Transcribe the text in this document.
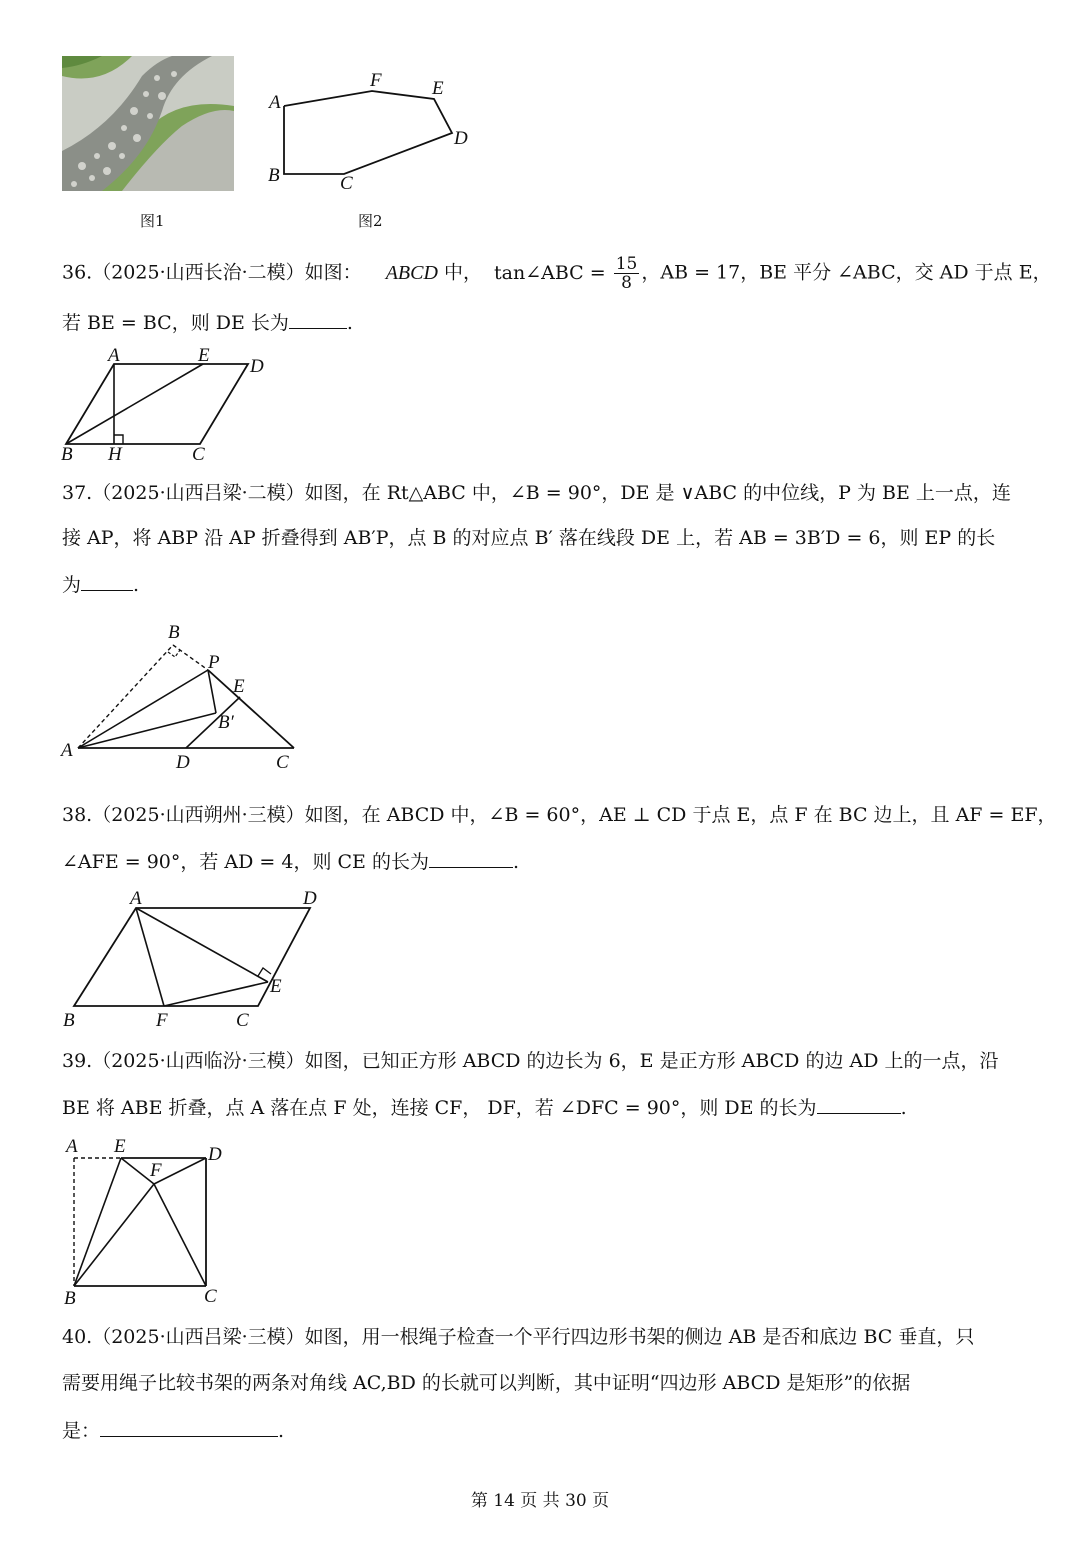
图1
A
F	E
D
C
B
图2
36.（2025·山西长治·二模）如图： ABCD 中， tan∠ABC = $\frac{15}{8}$ ，AB = 17，BE 平分 ∠ABC，交 AD 于点 E，
若 BE = BC，则 DE 长为	.
A	E
D
B H	C
37.（2025·山西吕梁·二模）如图，在 Rt△ABC 中，∠B = 90°，DE 是 ∨ABC 的中位线，P 为 BE 上一点，连
接 AP，将 ABP 沿 AP 折叠得到 AB′P，点 B 的对应点 B′ 落在线段 DE 上，若 AB = 3B′D = 6，则 EP 的长
为	.
B
P
E
B′
A
D	C
38.（2025·山西朔州·三模）如图，在 ABCD 中，∠B = 60°，AE ⊥ CD 于点 E，点 F 在 BC 边上，且 AF = EF，
∠AFE = 90°，若 AD = 4，则 CE 的长为	.
A	D
E
B	F	C
39.（2025·山西临汾·三模）如图，已知正方形 ABCD 的边长为 6，E 是正方形 ABCD 的边 AD 上的一点，沿
BE 将 ABE 折叠，点 A 落在点 F 处，连接 CF， DF，若 ∠DFC = 90°，则 DE 的长为	.
A E	D
F
B	C
40.（2025·山西吕梁·三模）如图，用一根绳子检查一个平行四边形书架的侧边 AB 是否和底边 BC 垂直，只
需要用绳子比较书架的两条对角线 AC,BD 的长就可以判断，其中证明“四边形 ABCD 是矩形”的依据
是：	.
第 14 页 共 30 页
